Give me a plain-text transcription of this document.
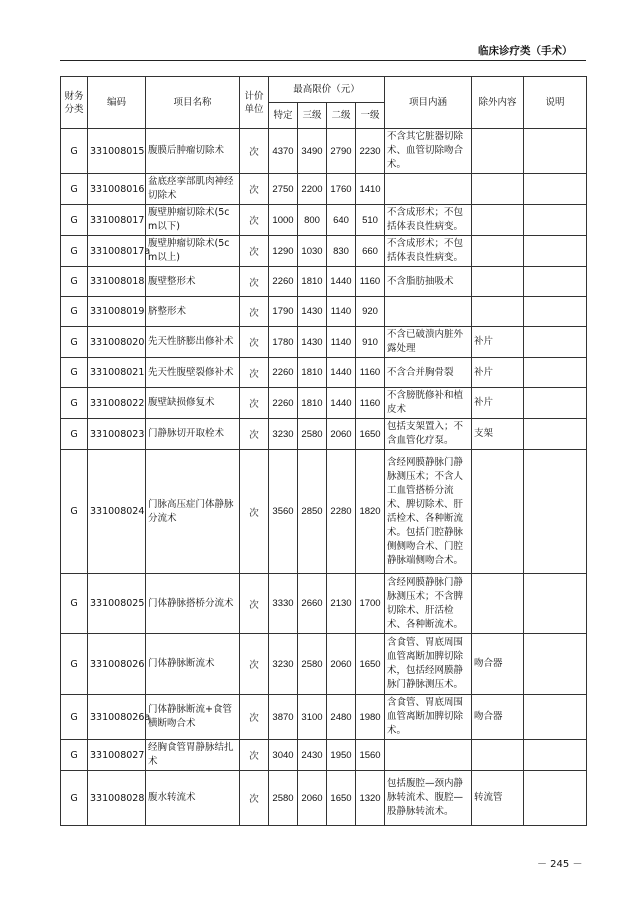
临床诊疗类（手术）
财务分类	编码	项目名称	计价单位	最高限价（元）				项目内涵	除外内容	说明
				特定	三级	二级	一级			
G	331008015	腹膜后肿瘤切除术	次	4370	3490	2790	2230	不含其它脏器切除术、血管切除吻合术。		
G	331008016	盆底痉挛部肌肉神经切除术	次	2750	2200	1760	1410			
G	331008017	腹壁肿瘤切除术(5cm以下)	次	1000	800	640	510	不含成形术；不包括体表良性病变。		
G	331008017a	腹壁肿瘤切除术(5cm以上)	次	1290	1030	830	660	不含成形术；不包括体表良性病变。		
G	331008018	腹壁整形术	次	2260	1810	1440	1160	不含脂肪抽吸术		
G	331008019	脐整形术	次	1790	1430	1140	920			
G	331008020	先天性脐膨出修补术	次	1780	1430	1140	910	不含已破溃内脏外露处理	补片	
G	331008021	先天性腹壁裂修补术	次	2260	1810	1440	1160	不含合并胸骨裂	补片	
G	331008022	腹壁缺损修复术	次	2260	1810	1440	1160	不含膀胱修补和植皮术	补片	
G	331008023	门静脉切开取栓术	次	3230	2580	2060	1650	包括支架置入；不含血管化疗泵。	支架	
G	331008024	门脉高压症门体静脉分流术	次	3560	2850	2280	1820	含经网膜静脉门静脉测压术；不含人工血管搭桥分流术、脾切除术、肝活检术、各种断流术。包括门腔静脉侧侧吻合术、门腔静脉端侧吻合术。		
G	331008025	门体静脉搭桥分流术	次	3330	2660	2130	1700	含经网膜静脉门静脉测压术；不含脾切除术、肝活检术、各种断流术。		
G	331008026	门体静脉断流术	次	3230	2580	2060	1650	含食管、胃底周围血管离断加脾切除术，包括经网膜静脉门静脉测压术。	吻合器	
G	331008026a	门体静脉断流+食管横断吻合术	次	3870	3100	2480	1980	含食管、胃底周围血管离断加脾切除术。	吻合器	
G	331008027	经胸食管胃静脉结扎术	次	3040	2430	1950	1560			
G	331008028	腹水转流术	次	2580	2060	1650	1320	包括腹腔—颈内静脉转流术、腹腔—股静脉转流术。	转流管	
－ 245 －
